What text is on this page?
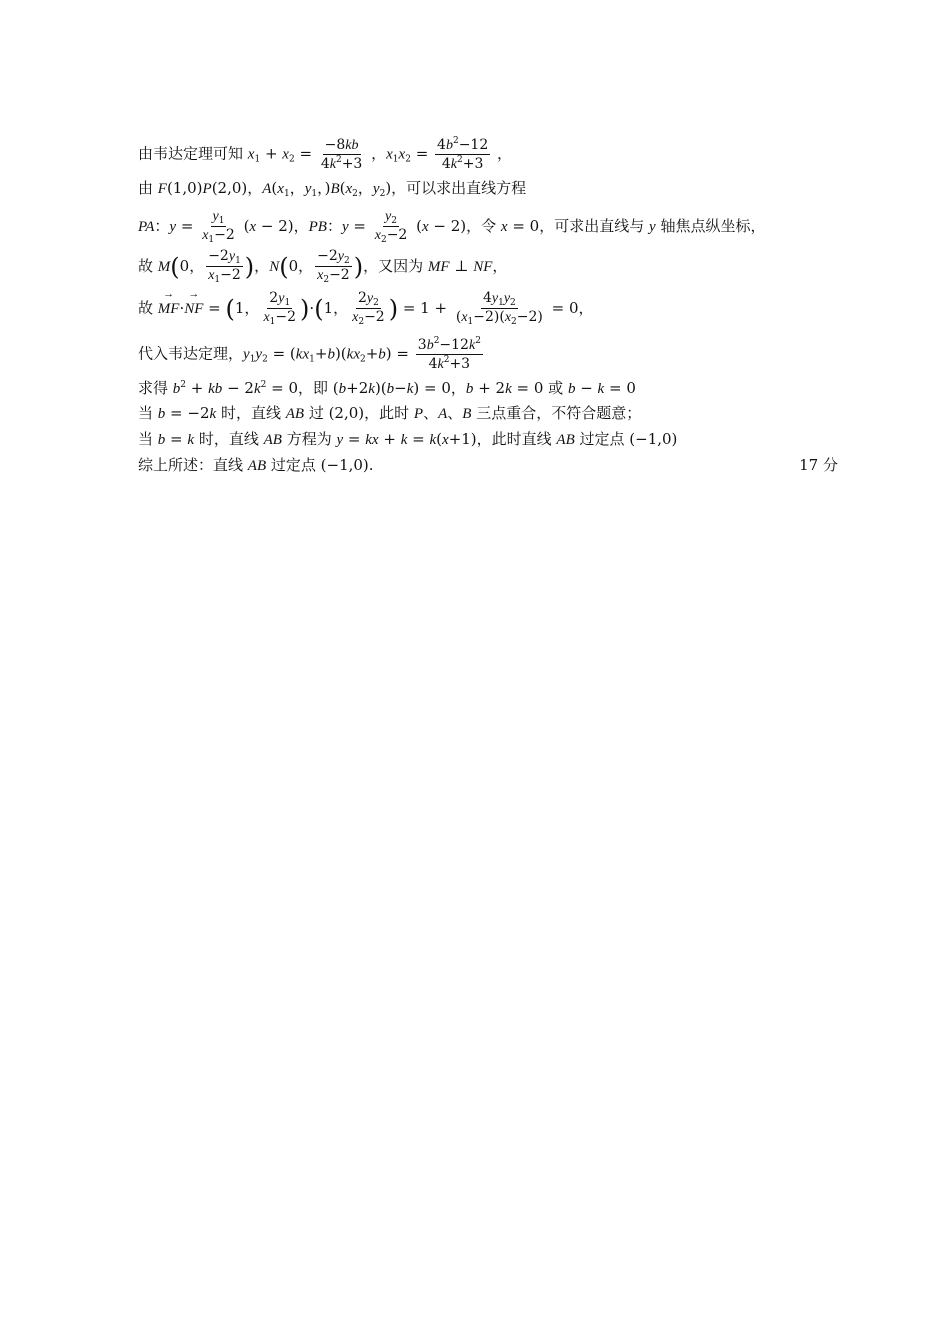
由韦达定理可知 $x_1 + x_2 = \frac{-8kb}{4k^2+3}$ ，$x_1x_2 = \frac{4b^2-12}{4k^2+3}$ ，
由 F(1,0)P(2,0)，$A(x_1$，$y_1$，)$B(x_2$，$y_2$)，可以求出直线方程
PA：$y = \frac{y_1}{x_1-2} (x - 2)$，PB：$y = \frac{y_2}{x_2-2} (x - 2)$，令 x = 0，可求出直线与 y 轴焦点纵坐标，
故 M(0， $\frac{-2y_1}{x_1-2}$ )，N(0， $\frac{-2y_2}{x_2-2}$ )，又因为 MF ⊥ NF，
故 → MF·→ NF = (1， $\frac{2y_1}{x_1-2} )\cdot(1$， $\frac{2y_2}{x_2-2}$ ) = $1 + \frac{4y_1y_2}{(x_1-2)(x_2-2)} = 0$，
代入韦达定理，$y_1y_2 = (kx_1+b)(kx_2+b) = \frac{3b^2-12k^2}{4k^2+3}$
求得 $b^2$ + kb − $2k^2 = 0$，即 (b+2k)(b−k) = 0，b + 2k = 0 或 b − k = 0
当 b = −2k 时，直线 AB 过 (2,0)，此时 P、A、B 三点重合，不符合题意；
当 b = k 时，直线 AB 方程为 y = kx + k = k(x+1)，此时直线 AB 过定点 (−1,0)
综上所述：直线 AB 过定点 (−1,0).	17 分
